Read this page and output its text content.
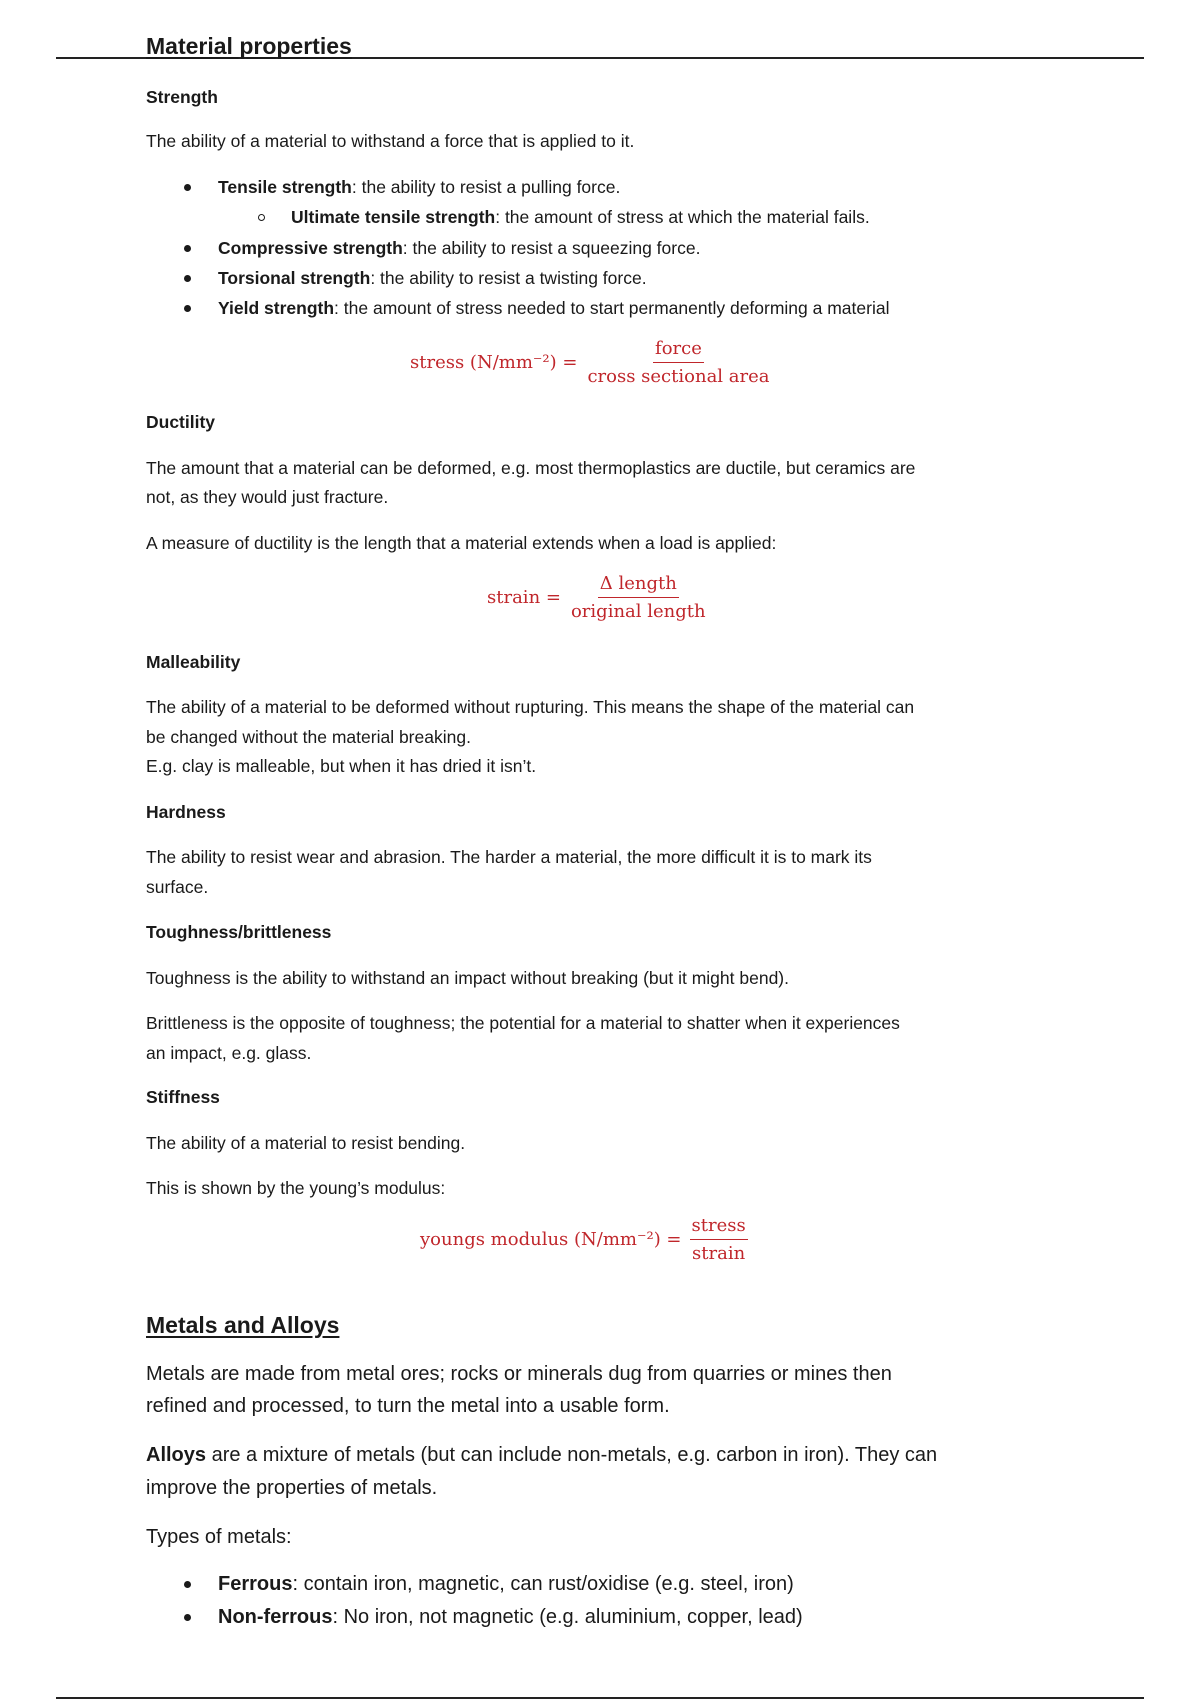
Material properties
Strength
The ability of a material to withstand a force that is applied to it.
Tensile strength: the ability to resist a pulling force.
Ultimate tensile strength: the amount of stress at which the material fails.
Compressive strength: the ability to resist a squeezing force.
Torsional strength: the ability to resist a twisting force.
Yield strength: the amount of stress needed to start permanently deforming a material
stress $(N/mm^{-2}) = \frac{\text{force}}{\text{cross sectional area}}$
Ductility
The amount that a material can be deformed, e.g. most thermoplastics are ductile, but ceramics are
not, as they would just fracture.
A measure of ductility is the length that a material extends when a load is applied:
strain = $\frac{\text{Δ length}}{\text{original length}}$
Malleability
The ability of a material to be deformed without rupturing. This means the shape of the material can
be changed without the material breaking.
E.g. clay is malleable, but when it has dried it isn’t.
Hardness
The ability to resist wear and abrasion. The harder a material, the more difficult it is to mark its
surface.
Toughness/brittleness
Toughness is the ability to withstand an impact without breaking (but it might bend).
Brittleness is the opposite of toughness; the potential for a material to shatter when it experiences
an impact, e.g. glass.
Stiffness
The ability of a material to resist bending.
This is shown by the young’s modulus:
youngs modulus $(N/mm^{-2}) = \frac{\text{stress}}{\text{strain}}$
Metals and Alloys
Metals are made from metal ores; rocks or minerals dug from quarries or mines then
refined and processed, to turn the metal into a usable form.
Alloys are a mixture of metals (but can include non-metals, e.g. carbon in iron). They can
improve the properties of metals.
Types of metals:
Ferrous: contain iron, magnetic, can rust/oxidise (e.g. steel, iron)
Non-ferrous: No iron, not magnetic (e.g. aluminium, copper, lead)
